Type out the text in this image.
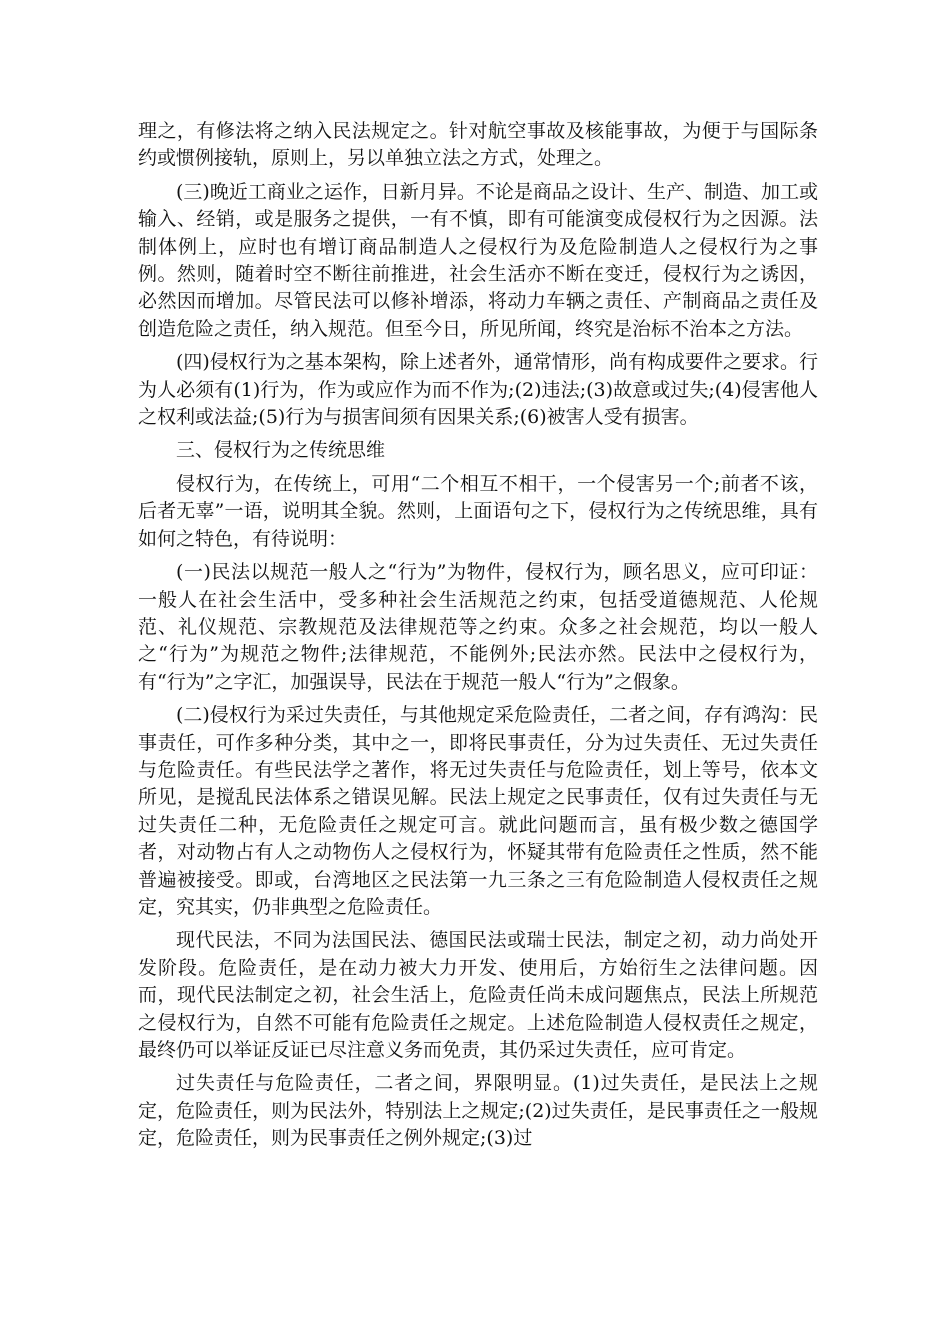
理之，有修法将之纳入民法规定之。针对航空事故及核能事故，为便于与国际条约或惯例接轨，原则上，另以单独立法之方式，处理之。

(三)晚近工商业之运作，日新月异。不论是商品之设计、生产、制造、加工或输入、经销，或是服务之提供，一有不慎，即有可能演变成侵权行为之因源。法制体例上，应时也有增订商品制造人之侵权行为及危险制造人之侵权行为之事例。然则，随着时空不断往前推进，社会生活亦不断在变迁，侵权行为之诱因，必然因而增加。尽管民法可以修补增添，将动力车辆之责任、产制商品之责任及创造危险之责任，纳入规范。但至今日，所见所闻，终究是治标不治本之方法。

(四)侵权行为之基本架构，除上述者外，通常情形，尚有构成要件之要求。行为人必须有(1)行为，作为或应作为而不作为;(2)违法;(3)故意或过失;(4)侵害他人之权利或法益;(5)行为与损害间须有因果关系;(6)被害人受有损害。

三、侵权行为之传统思维

侵权行为，在传统上，可用“二个相互不相干，一个侵害另一个;前者不该，后者无辜”一语，说明其全貌。然则，上面语句之下，侵权行为之传统思维，具有如何之特色，有待说明：

(一)民法以规范一般人之“行为”为物件，侵权行为，顾名思义，应可印证：一般人在社会生活中，受多种社会生活规范之约束，包括受道德规范、人伦规范、礼仪规范、宗教规范及法律规范等之约束。众多之社会规范，均以一般人之“行为”为规范之物件;法律规范，不能例外;民法亦然。民法中之侵权行为，有“行为”之字汇，加强误导，民法在于规范一般人“行为”之假象。

(二)侵权行为采过失责任，与其他规定采危险责任，二者之间，存有鸿沟：民事责任，可作多种分类，其中之一，即将民事责任，分为过失责任、无过失责任与危险责任。有些民法学之著作，将无过失责任与危险责任，划上等号，依本文所见，是搅乱民法体系之错误见解。民法上规定之民事责任，仅有过失责任与无过失责任二种，无危险责任之规定可言。就此问题而言，虽有极少数之德国学者，对动物占有人之动物伤人之侵权行为，怀疑其带有危险责任之性质，然不能普遍被接受。即或，台湾地区之民法第一九三条之三有危险制造人侵权责任之规定，究其实，仍非典型之危险责任。

现代民法，不同为法国民法、德国民法或瑞士民法，制定之初，动力尚处开发阶段。危险责任，是在动力被大力开发、使用后，方始衍生之法律问题。因而，现代民法制定之初，社会生活上，危险责任尚未成问题焦点，民法上所规范之侵权行为，自然不可能有危险责任之规定。上述危险制造人侵权责任之规定，最终仍可以举证反证已尽注意义务而免责，其仍采过失责任，应可肯定。

过失责任与危险责任，二者之间，界限明显。(1)过失责任，是民法上之规定，危险责任，则为民法外，特别法上之规定;(2)过失责任，是民事责任之一般规定，危险责任，则为民事责任之例外规定;(3)过
